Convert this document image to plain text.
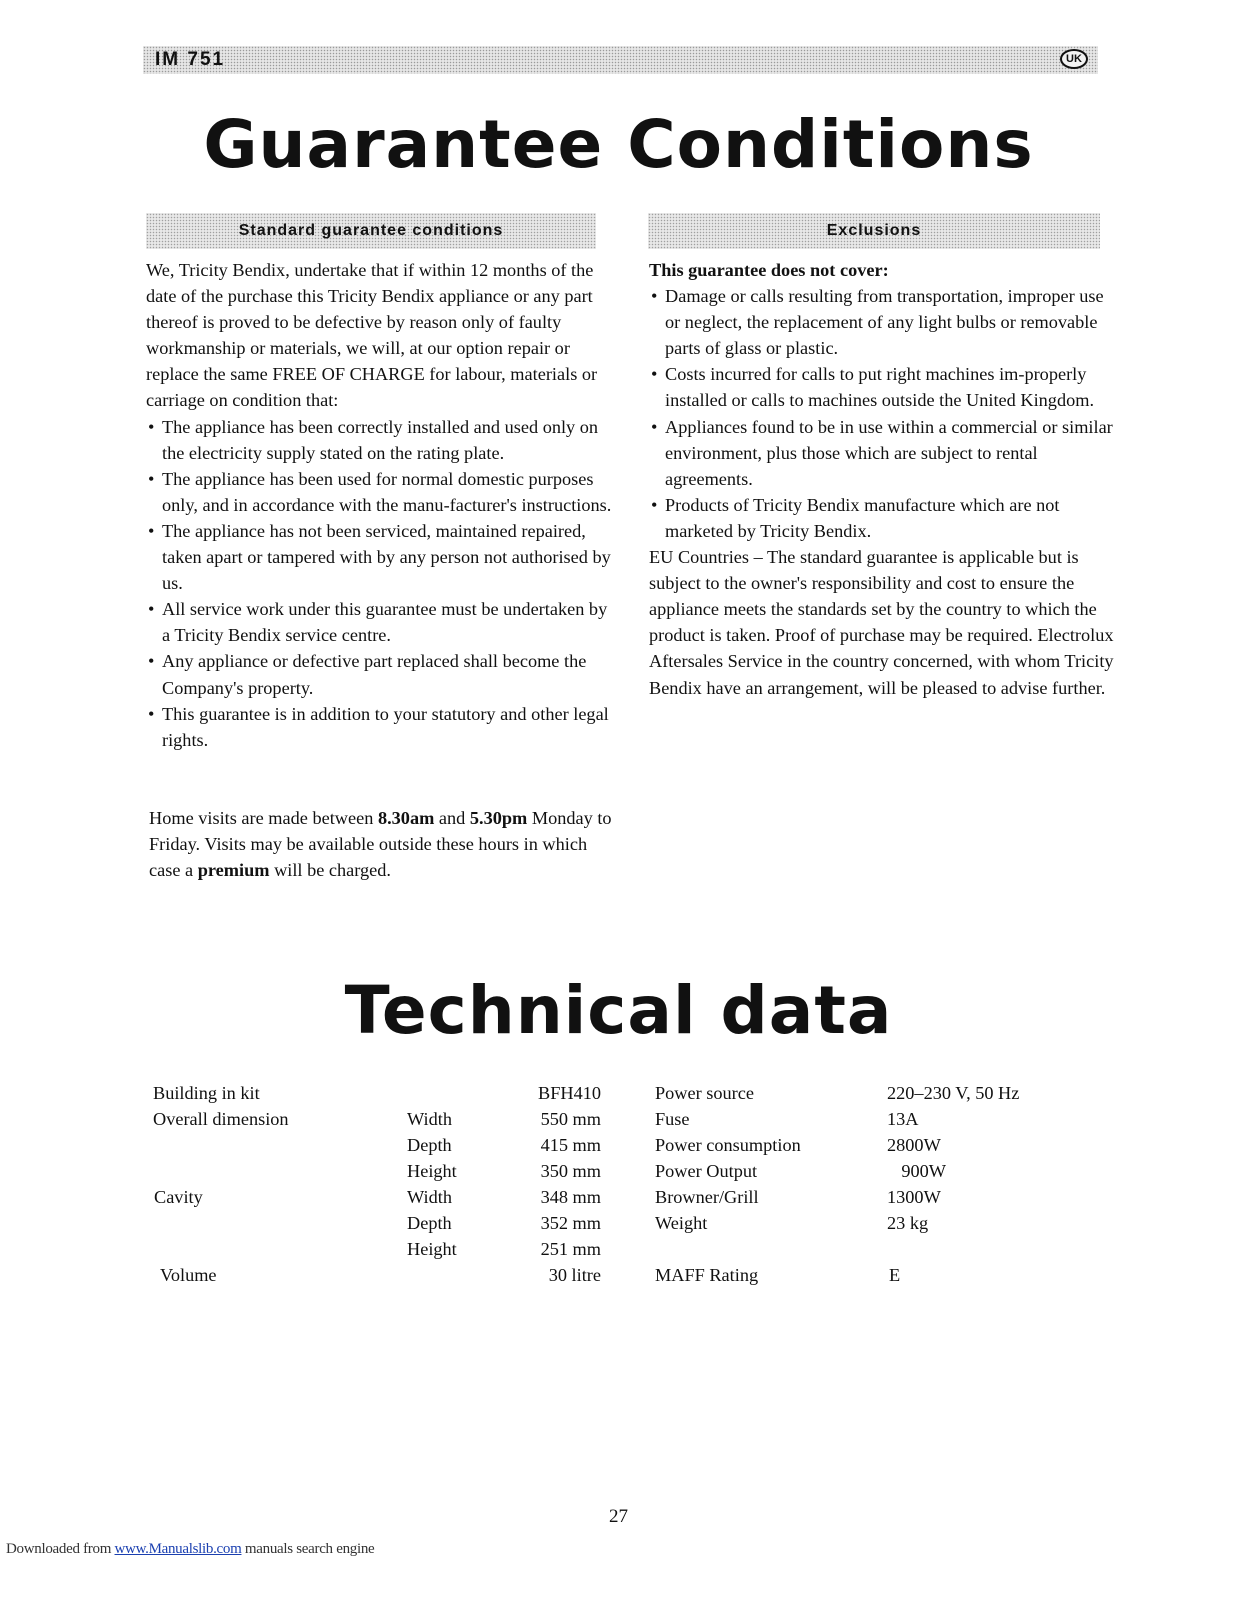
IM 751	UK
Guarantee Conditions
Standard guarantee conditions	Exclusions

We, Tricity Bendix, undertake that if within 12 months of the date of the purchase this Tricity Bendix appliance or any part thereof is proved to be defective by reason only of faulty workmanship or materials, we will, at our option repair or replace the same FREE OF CHARGE for labour, materials or carriage on condition that:

• The appliance has been correctly installed and used only on the electricity supply stated on the rating plate.
• The appliance has been used for normal domestic purposes only, and in accordance with the manu-facturer's instructions.
• The appliance has not been serviced, maintained repaired, taken apart or tampered with by any person not authorised by us.
• All service work under this guarantee must be undertaken by a Tricity Bendix service centre.
• Any appliance or defective part replaced shall become the Company's property.
• This guarantee is in addition to your statutory and other legal rights.

Home visits are made between 8.30am and 5.30pm Monday to Friday. Visits may be available outside these hours in which case a premium will be charged.

This guarantee does not cover:

• Damage or calls resulting from transportation, improper use or neglect, the replacement of any light bulbs or removable parts of glass or plastic.
• Costs incurred for calls to put right machines im-properly installed or calls to machines outside the United Kingdom.
• Appliances found to be in use within a commercial or similar environment, plus those which are subject to rental agreements.
• Products of Tricity Bendix manufacture which are not marketed by Tricity Bendix.

EU Countries – The standard guarantee is applicable but is subject to the owner's responsibility and cost to ensure the appliance meets the standards set by the country to which the product is taken. Proof of purchase may be required. Electrolux Aftersales Service in the country concerned, with whom Tricity Bendix have an arrangement, will be pleased to advise further.

Technical data
Building in kit	BFH410
Overall dimension	Width	550 mm
Depth	415 mm
Height	350 mm
Cavity	Width	348 mm
Depth	352 mm
Height	251 mm
Volume	30 litre
Power source	220–230 V, 50 Hz
Fuse	13A
Power consumption	2800W
Power Output	900W
Browner/Grill	1300W
Weight	23 kg
MAFF Rating	E
27
Downloaded from www.Manualslib.com manuals search engine
